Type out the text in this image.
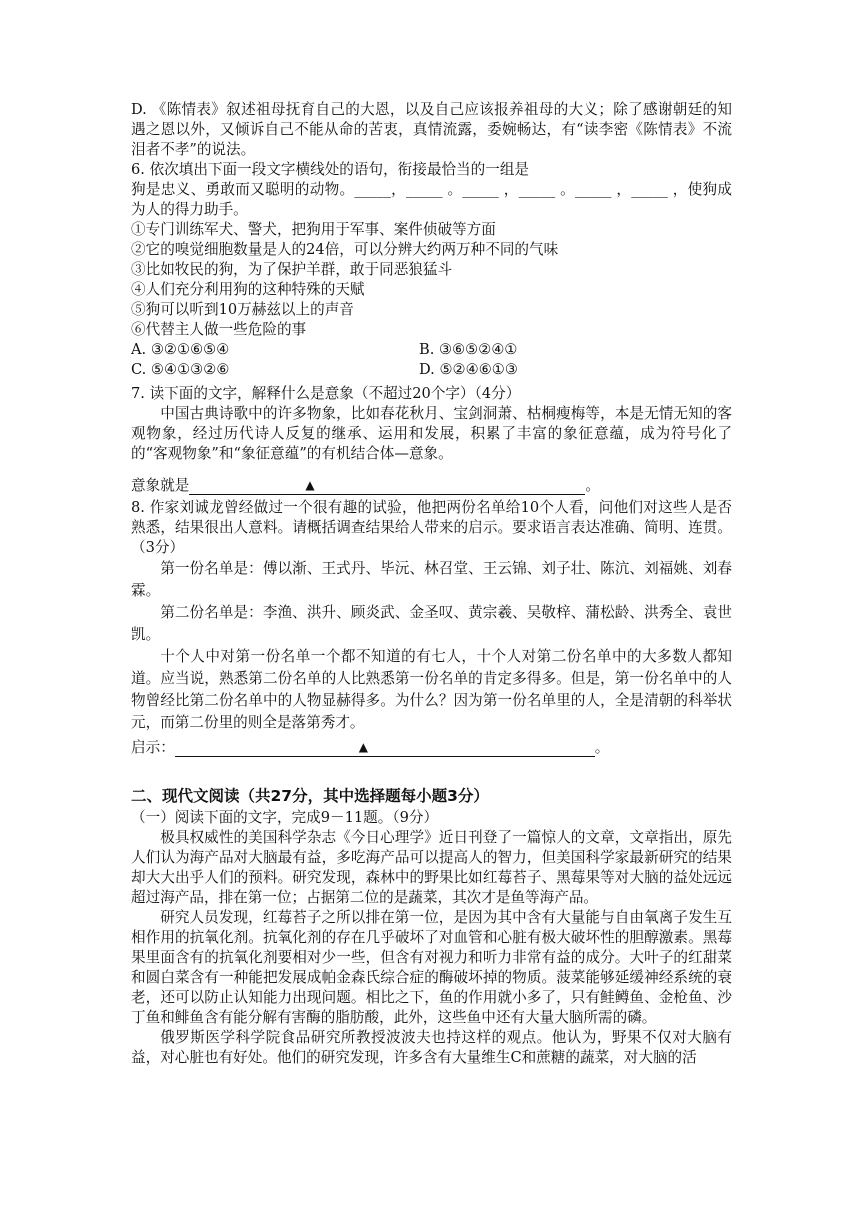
D. 《陈情表》叙述祖母抚育自己的大恩，以及自己应该报养祖母的大义；除了感谢朝廷的知遇之恩以外，又倾诉自己不能从命的苦衷，真情流露，委婉畅达，有“读李密《陈情表》不流泪者不孝”的说法。

6. 依次填出下面一段文字横线处的语句，衔接最恰当的一组是

狗是忠义、勇敢而又聪明的动物。_____，_____ 。_____ ，_____ 。_____ ，_____ ，使狗成为人的得力助手。

①专门训练军犬、警犬，把狗用于军事、案件侦破等方面

②它的嗅觉细胞数量是人的24倍，可以分辨大约两万种不同的气味

③比如牧民的狗，为了保护羊群，敢于同恶狼猛斗

④人们充分利用狗的这种特殊的天赋

⑤狗可以听到10万赫兹以上的声音

⑥代替主人做一些危险的事

A. ③②①⑥⑤④	B. ③⑥⑤②④①
C. ⑤④①③②⑥	D. ⑤②④⑥①③

7. 读下面的文字，解释什么是意象（不超过20个字）（4分）

中国古典诗歌中的许多物象，比如春花秋月、宝剑洞萧、枯桐瘦梅等，本是无情无知的客观物象，经过历代诗人反复的继承、运用和发展，积累了丰富的象征意蕴，成为符号化了的“客观物象”和“象征意蕴”的有机结合体—意象。

意象就是	▲	。

8. 作家刘诚龙曾经做过一个很有趣的试验，他把两份名单给10个人看，问他们对这些人是否熟悉，结果很出人意料。请概括调查结果给人带来的启示。要求语言表达准确、简明、连贯。（3分）

第一份名单是：傅以渐、王式丹、毕沅、林召堂、王云锦、刘子壮、陈沆、刘福姚、刘春霖。

第二份名单是：李渔、洪升、顾炎武、金圣叹、黄宗羲、吴敬梓、蒲松龄、洪秀全、袁世凯。

十个人中对第一份名单一个都不知道的有七人，十个人对第二份名单中的大多数人都知道。应当说，熟悉第二份名单的人比熟悉第一份名单的肯定多得多。但是，第一份名单中的人物曾经比第二份名单中的人物显赫得多。为什么？因为第一份名单里的人，全是清朝的科举状元，而第二份里的则全是落第秀才。

启示：	▲	。

二、现代文阅读（共27分，其中选择题每小题3分）

（一）阅读下面的文字，完成9－11题。（9分）

极具权威性的美国科学杂志《今日心理学》近日刊登了一篇惊人的文章，文章指出，原先人们认为海产品对大脑最有益，多吃海产品可以提高人的智力，但美国科学家最新研究的结果却大大出乎人们的预料。研究发现，森林中的野果比如红莓苔子、黑莓果等对大脑的益处远远超过海产品，排在第一位；占据第二位的是蔬菜，其次才是鱼等海产品。

研究人员发现，红莓苔子之所以排在第一位，是因为其中含有大量能与自由氧离子发生互相作用的抗氧化剂。抗氧化剂的存在几乎破坏了对血管和心脏有极大破坏性的胆醇激素。黑莓果里面含有的抗氧化剂要相对少一些，但含有对视力和听力非常有益的成分。大叶子的红甜菜和圆白菜含有一种能把发展成帕金森氏综合症的酶破坏掉的物质。菠菜能够延缓神经系统的衰老，还可以防止认知能力出现问题。相比之下，鱼的作用就小多了，只有鲑鳟鱼、金枪鱼、沙丁鱼和鲱鱼含有能分解有害酶的脂肪酸，此外，这些鱼中还有大量大脑所需的磷。

俄罗斯医学科学院食品研究所教授波波夫也持这样的观点。他认为，野果不仅对大脑有益，对心脏也有好处。他们的研究发现，许多含有大量维生C和蔗糖的蔬菜，对大脑的活
